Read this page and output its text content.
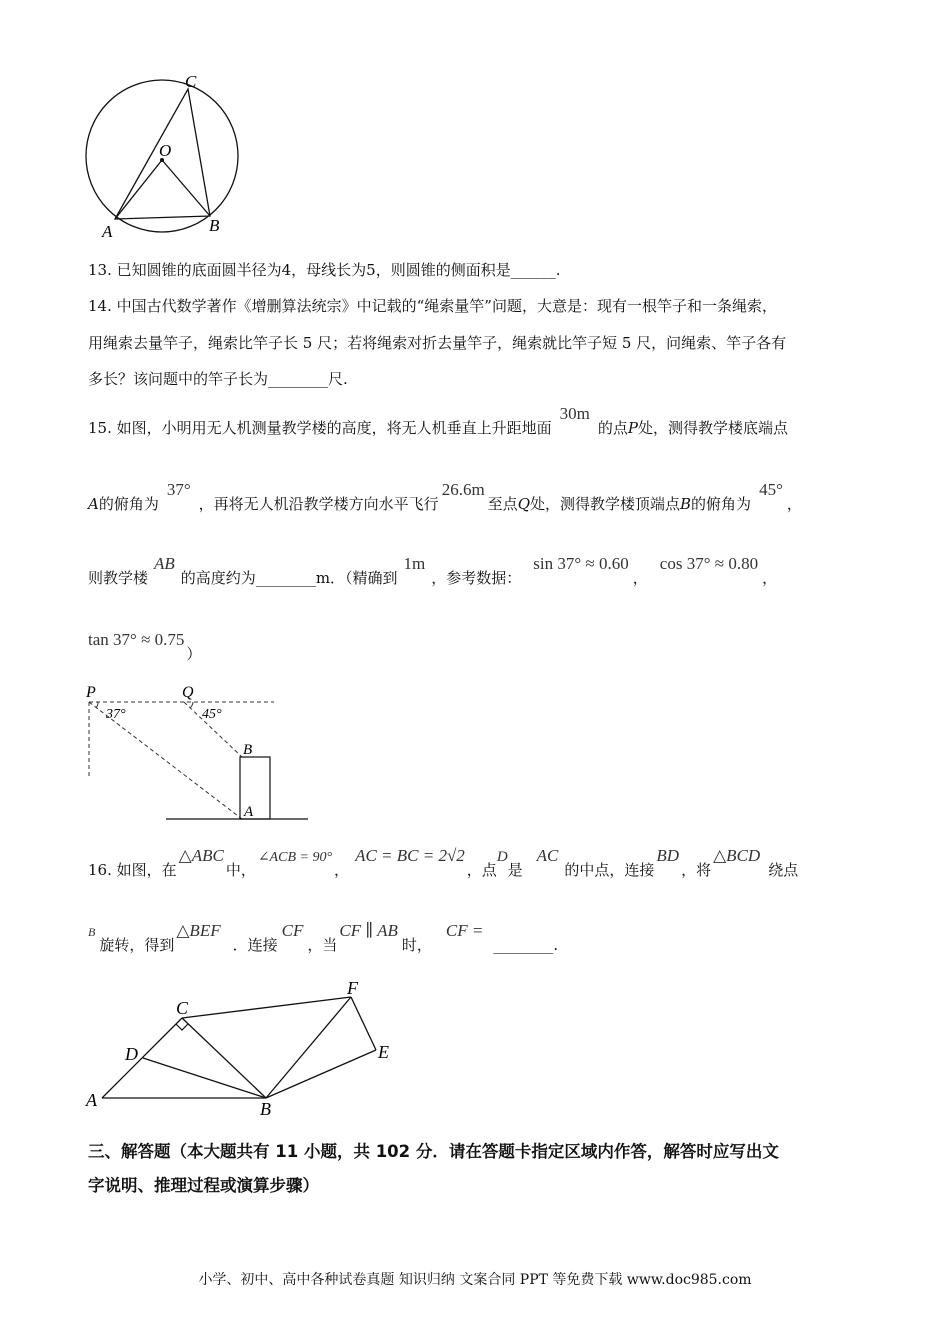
C
O
A	B
13. 已知圆锥的底面圆半径为4，母线长为5，则圆锥的侧面积是______.
14. 中国古代数学著作《增删算法统宗》中记载的“绳索量竿”问题，大意是：现有一根竿子和一条绳索，
用绳索去量竿子，绳索比竿子长 5 尺；若将绳索对折去量竿子，绳索就比竿子短 5 尺，问绳索、竿子各有
多长？该问题中的竿子长为________尺.
15. 如图，小明用无人机测量教学楼的高度，将无人机垂直上升距地面30m的点P处，测得教学楼底端点
A的俯角为37°，再将无人机沿教学楼方向水平飞行26.6m至点Q处，测得教学楼顶端点B的俯角为45°，
则教学楼AB的高度约为________m．（精确到1m，参考数据：sin 37° ≈ 0.60，cos 37° ≈ 0.80，
tan 37° ≈ 0.75）
P	Q
37°	45°
B
A
16. 如图，在△ABC中，∠ACB = 90°，AC = BC = 2√2，点D是AC的中点，连接BD，将△BCD绕点
$^B$旋转，得到△BEF．连接CF，当CF ∥ AB时，CF =________.
C
F
D	E
A	B
三、解答题（本大题共有 11 小题，共 102 分．请在答题卡指定区域内作答，解答时应写出文
字说明、推理过程或演算步骤）
小学、初中、高中各种试卷真题 知识归纳 文案合同 PPT 等免费下载 www.doc985.com
